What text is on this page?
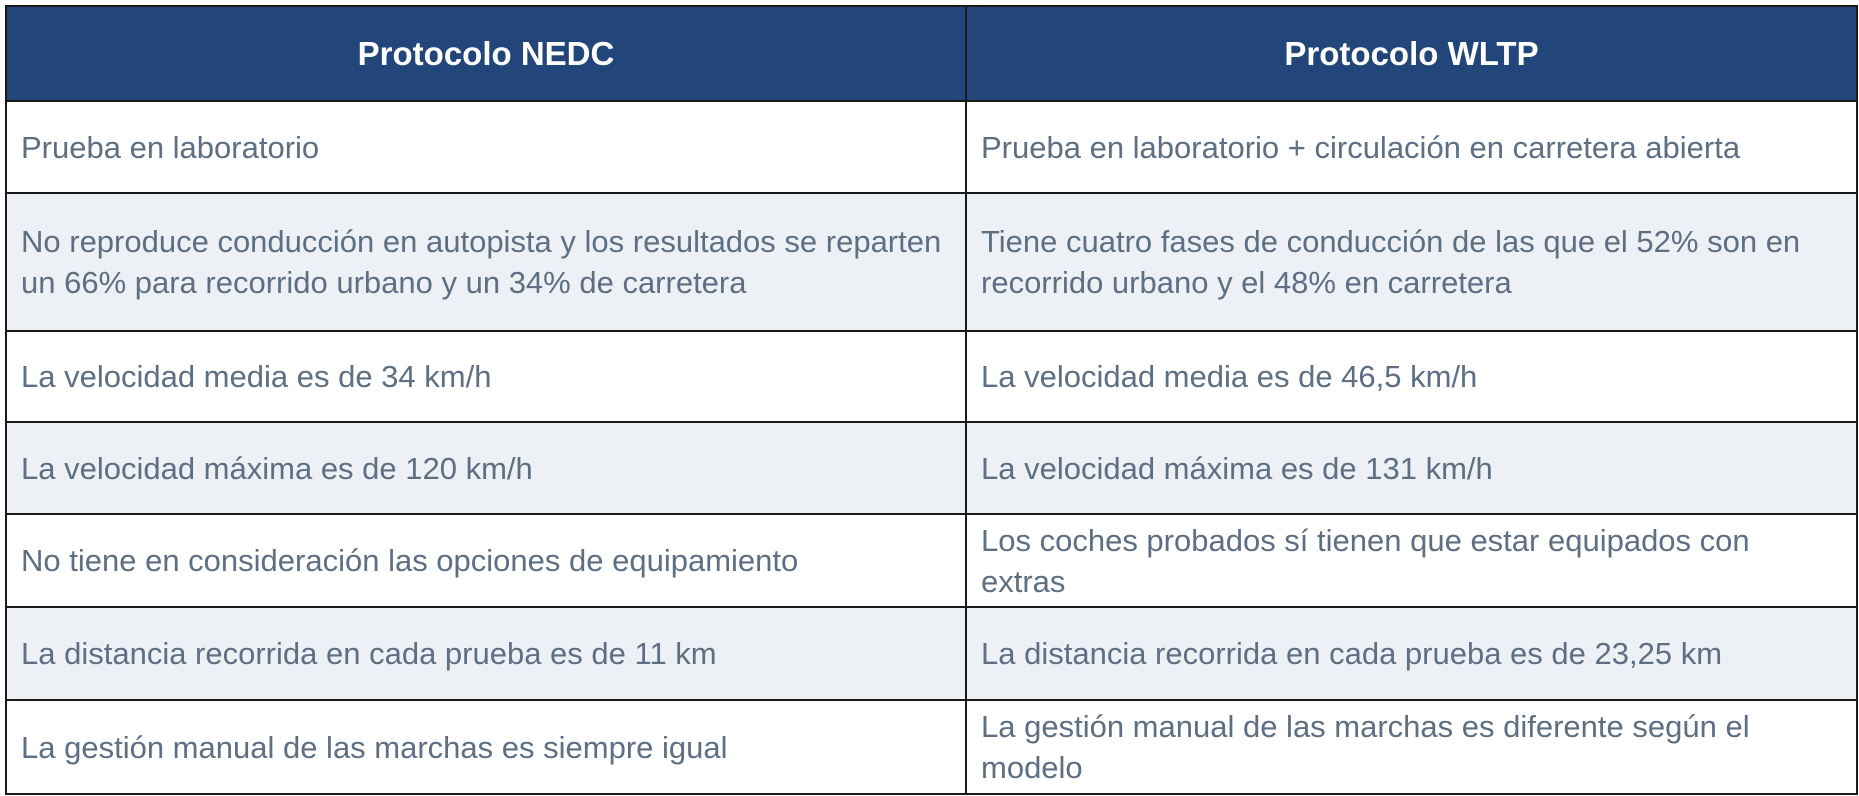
Protocolo NEDC	Protocolo WLTP
Prueba en laboratorio	Prueba en laboratorio + circulación en carretera abierta
No reproduce conducción en autopista y los resultados se reparten un 66% para recorrido urbano y un 34% de carretera	Tiene cuatro fases de conducción de las que el 52% son en recorrido urbano y el 48% en carretera
La velocidad media es de 34 km/h	La velocidad media es de 46,5 km/h
La velocidad máxima es de 120 km/h	La velocidad máxima es de 131 km/h
No tiene en consideración las opciones de equipamiento	Los coches probados sí tienen que estar equipados con extras
La distancia recorrida en cada prueba es de 11 km	La distancia recorrida en cada prueba es de 23,25 km
La gestión manual de las marchas es siempre igual	La gestión manual de las marchas es diferente según el modelo
